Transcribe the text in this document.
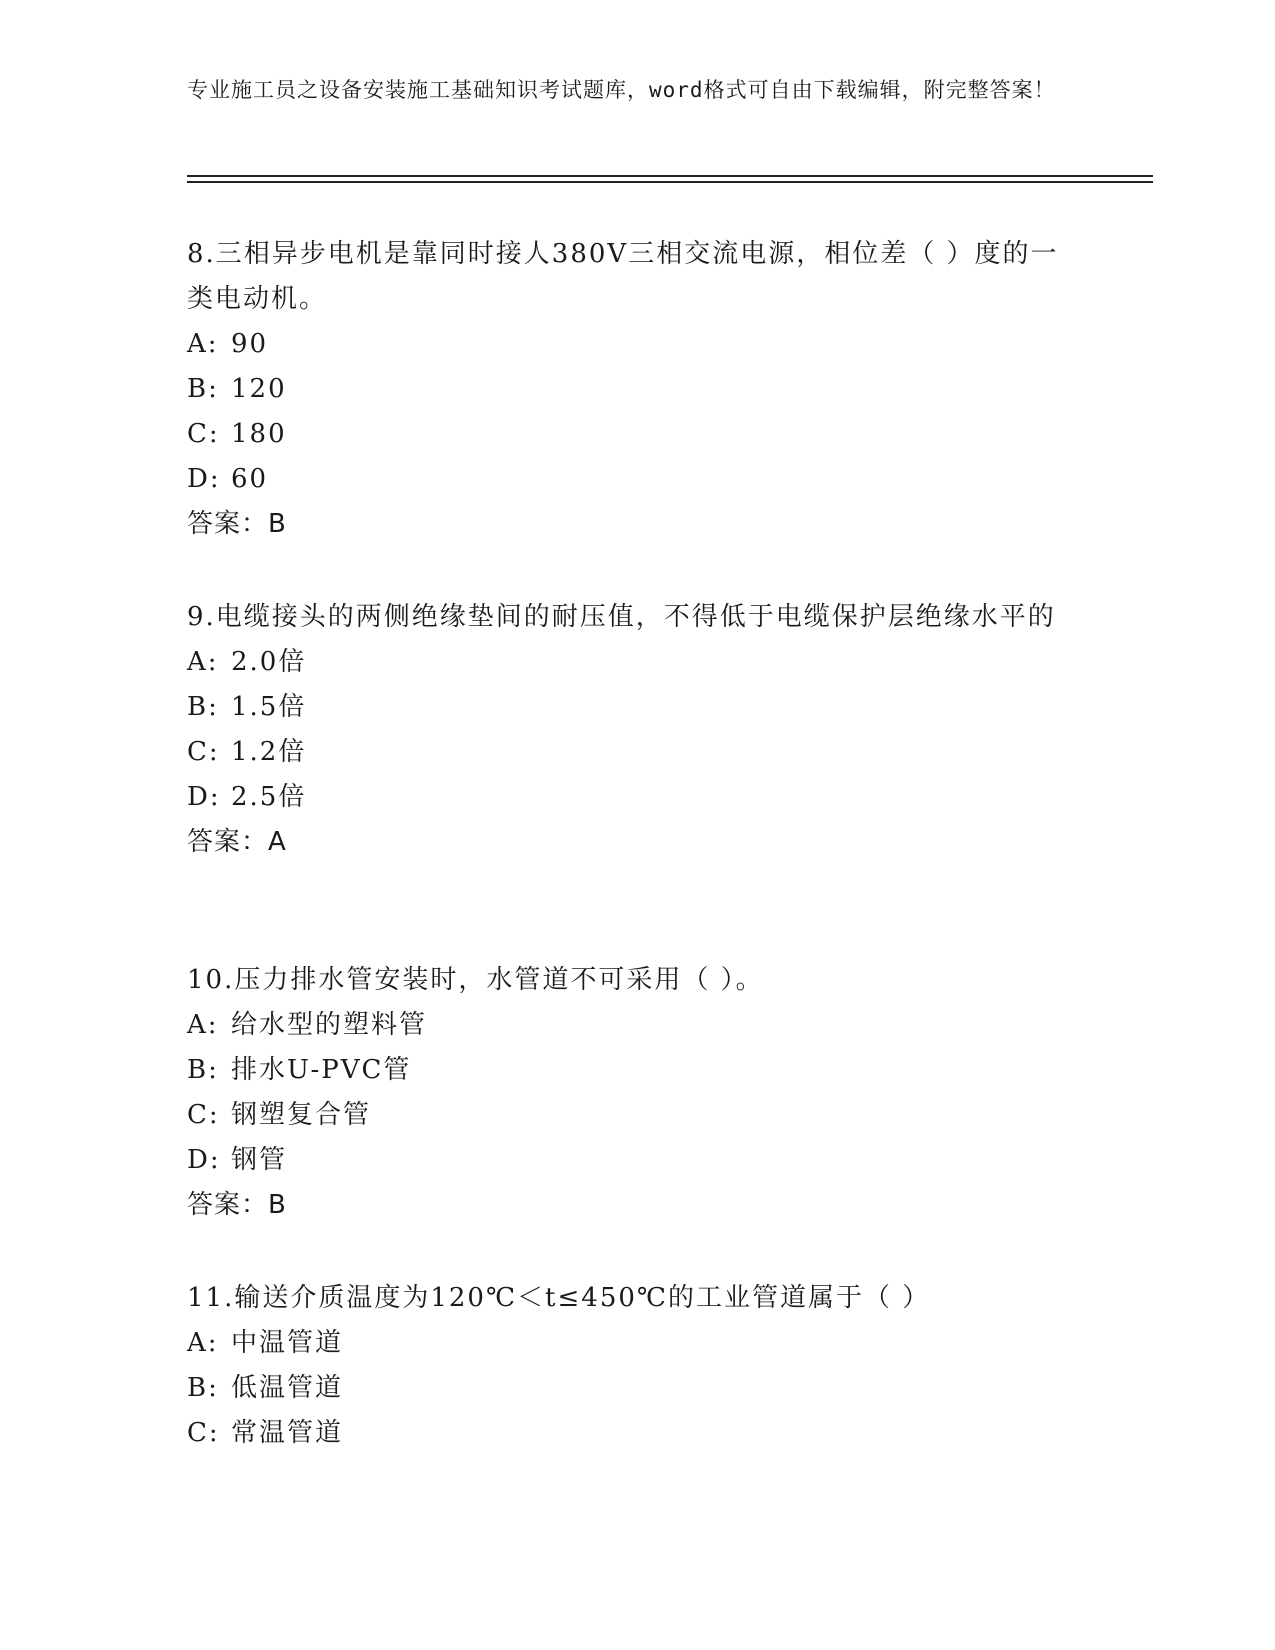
专业施工员之设备安装施工基础知识考试题库，word格式可自由下载编辑，附完整答案！

8.三相异步电机是靠同时接人380V三相交流电源，相位差（ ）度的一类电动机。

A: 90

B: 120

C: 180

D: 60

答案：B

9.电缆接头的两侧绝缘垫间的耐压值，不得低于电缆保护层绝缘水平的

A: 2.0倍

B: 1.5倍

C: 1.2倍

D: 2.5倍

答案：A

10.压力排水管安装时，水管道不可采用（ ）。

A: 给水型的塑料管

B: 排水U-PVC管

C: 钢塑复合管

D: 钢管

答案：B

11.输送介质温度为120℃＜t≤450℃的工业管道属于（ ）

A: 中温管道

B: 低温管道

C: 常温管道
